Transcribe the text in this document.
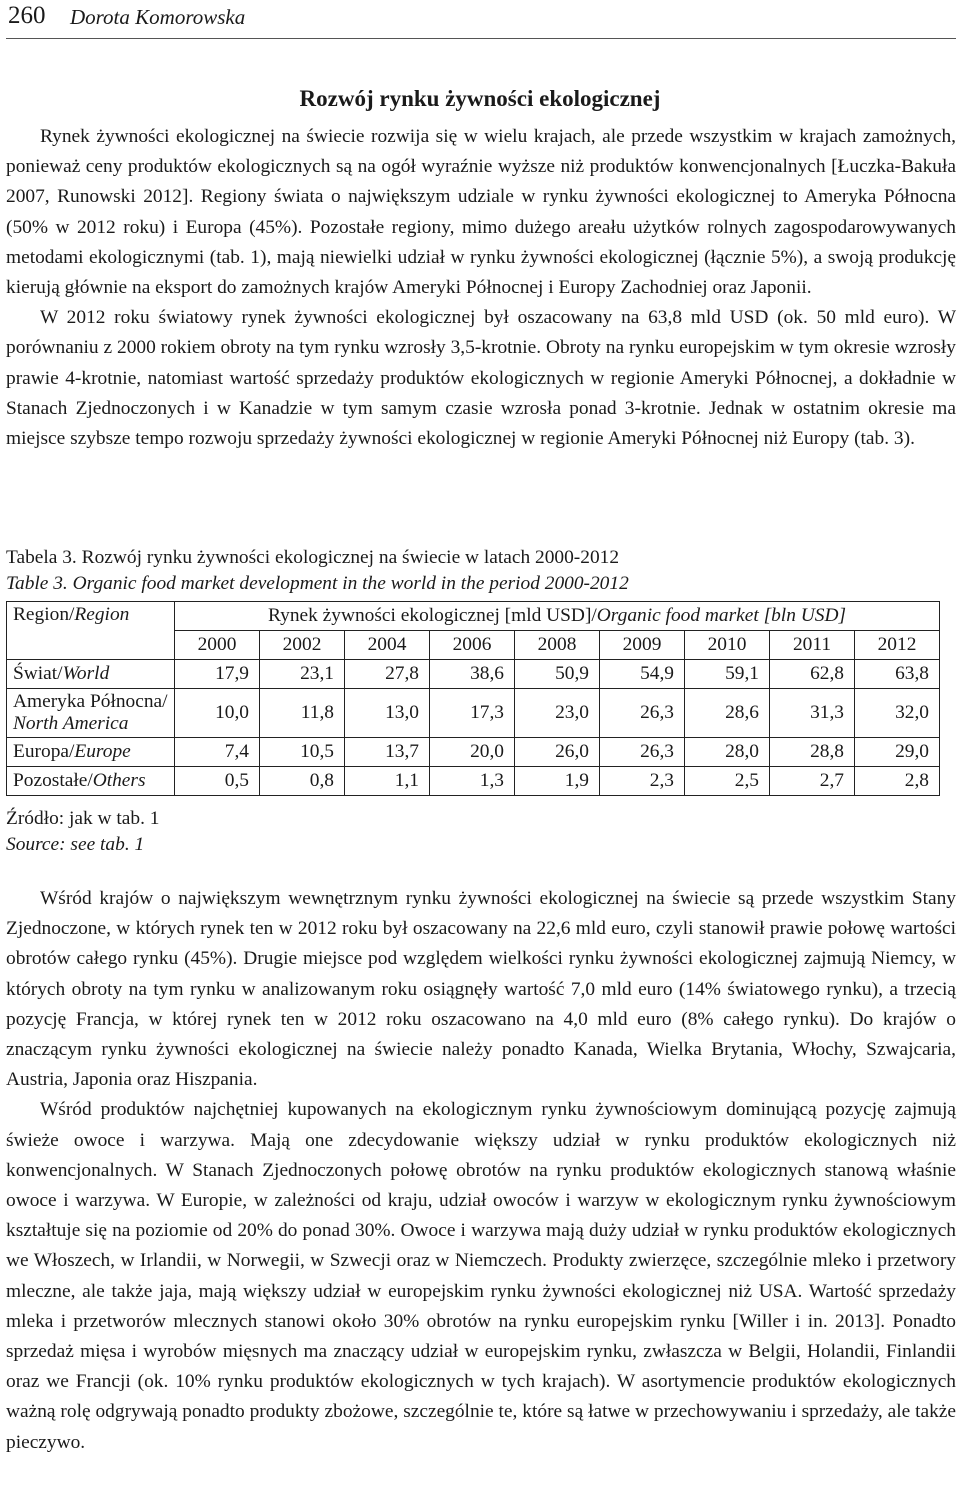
260 Dorota Komorowska
Rozwój rynku żywności ekologicznej

Rynek żywności ekologicznej na świecie rozwija się w wielu krajach, ale przede wszystkim w krajach zamożnych, ponieważ ceny produktów ekologicznych są na ogół wyraźnie wyższe niż produktów konwencjonalnych [Łuczka-Bakuła 2007, Runowski 2012]. Regiony świata o największym udziale w rynku żywności ekologicznej to Ameryka Północna (50% w 2012 roku) i Europa (45%). Pozostałe regiony, mimo dużego areału użytków rolnych zagospodarowywanych metodami ekologicznymi (tab. 1), mają niewielki udział w rynku żywności ekologicznej (łącznie 5%), a swoją produkcję kierują głównie na eksport do zamożnych krajów Ameryki Północnej i Europy Zachodniej oraz Japonii.

W 2012 roku światowy rynek żywności ekologicznej był oszacowany na 63,8 mld USD (ok. 50 mld euro). W porównaniu z 2000 rokiem obroty na tym rynku wzrosły 3,5-krotnie. Obroty na rynku europejskim w tym okresie wzrosły prawie 4-krotnie, natomiast wartość sprzedaży produktów ekologicznych w regionie Ameryki Północnej, a dokładnie w Stanach Zjednoczonych i w Kanadzie w tym samym czasie wzrosła ponad 3-krotnie. Jednak w ostatnim okresie ma miejsce szybsze tempo rozwoju sprzedaży żywności ekologicznej w regionie Ameryki Północnej niż Europy (tab. 3).

Tabela 3. Rozwój rynku żywności ekologicznej na świecie w latach 2000-2012
Table 3. Organic food market development in the world in the period 2000-2012
Region/Region	Rynek żywności ekologicznej [mld USD]/Organic food market [bln USD]								
	2000	2002	2004	2006	2008	2009	2010	2011	2012
Świat/World	17,9	23,1	27,8	38,6	50,9	54,9	59,1	62,8	63,8
Ameryka Północna/
North America	10,0	11,8	13,0	17,3	23,0	26,3	28,6	31,3	32,0
Europa/Europe	7,4	10,5	13,7	20,0	26,0	26,3	28,0	28,8	29,0
Pozostałe/Others	0,5	0,8	1,1	1,3	1,9	2,3	2,5	2,7	2,8
Źródło: jak w tab. 1
Source: see tab. 1

Wśród krajów o największym wewnętrznym rynku żywności ekologicznej na świecie są przede wszystkim Stany Zjednoczone, w których rynek ten w 2012 roku był oszacowany na 22,6 mld euro, czyli stanowił prawie połowę wartości obrotów całego rynku (45%). Drugie miejsce pod względem wielkości rynku żywności ekologicznej zajmują Niemcy, w których obroty na tym rynku w analizowanym roku osiągnęły wartość 7,0 mld euro (14% światowego rynku), a trzecią pozycję Francja, w której rynek ten w 2012 roku oszacowano na 4,0 mld euro (8% całego rynku). Do krajów o znaczącym rynku żywności ekologicznej na świecie należy ponadto Kanada, Wielka Brytania, Włochy, Szwajcaria, Austria, Japonia oraz Hiszpania.

Wśród produktów najchętniej kupowanych na ekologicznym rynku żywnościowym dominującą pozycję zajmują świeże owoce i warzywa. Mają one zdecydowanie większy udział w rynku produktów ekologicznych niż konwencjonalnych. W Stanach Zjednoczonych połowę obrotów na rynku produktów ekologicznych stanową właśnie owoce i warzywa. W Europie, w zależności od kraju, udział owoców i warzyw w ekologicznym rynku żywnościowym kształtuje się na poziomie od 20% do ponad 30%. Owoce i warzywa mają duży udział w rynku produktów ekologicznych we Włoszech, w Irlandii, w Norwegii, w Szwecji oraz w Niemczech. Produkty zwierzęce, szczególnie mleko i przetwory mleczne, ale także jaja, mają większy udział w europejskim rynku żywności ekologicznej niż USA. Wartość sprzedaży mleka i przetworów mlecznych stanowi około 30% obrotów na rynku europejskim rynku [Willer i in. 2013]. Ponadto sprzedaż mięsa i wyrobów mięsnych ma znaczący udział w europejskim rynku, zwłaszcza w Belgii, Holandii, Finlandii oraz we Francji (ok. 10% rynku produktów ekologicznych w tych krajach). W asortymencie produktów ekologicznych ważną rolę odgrywają ponadto produkty zbożowe, szczególnie te, które są łatwe w przechowywaniu i sprzedaży, ale także pieczywo.
